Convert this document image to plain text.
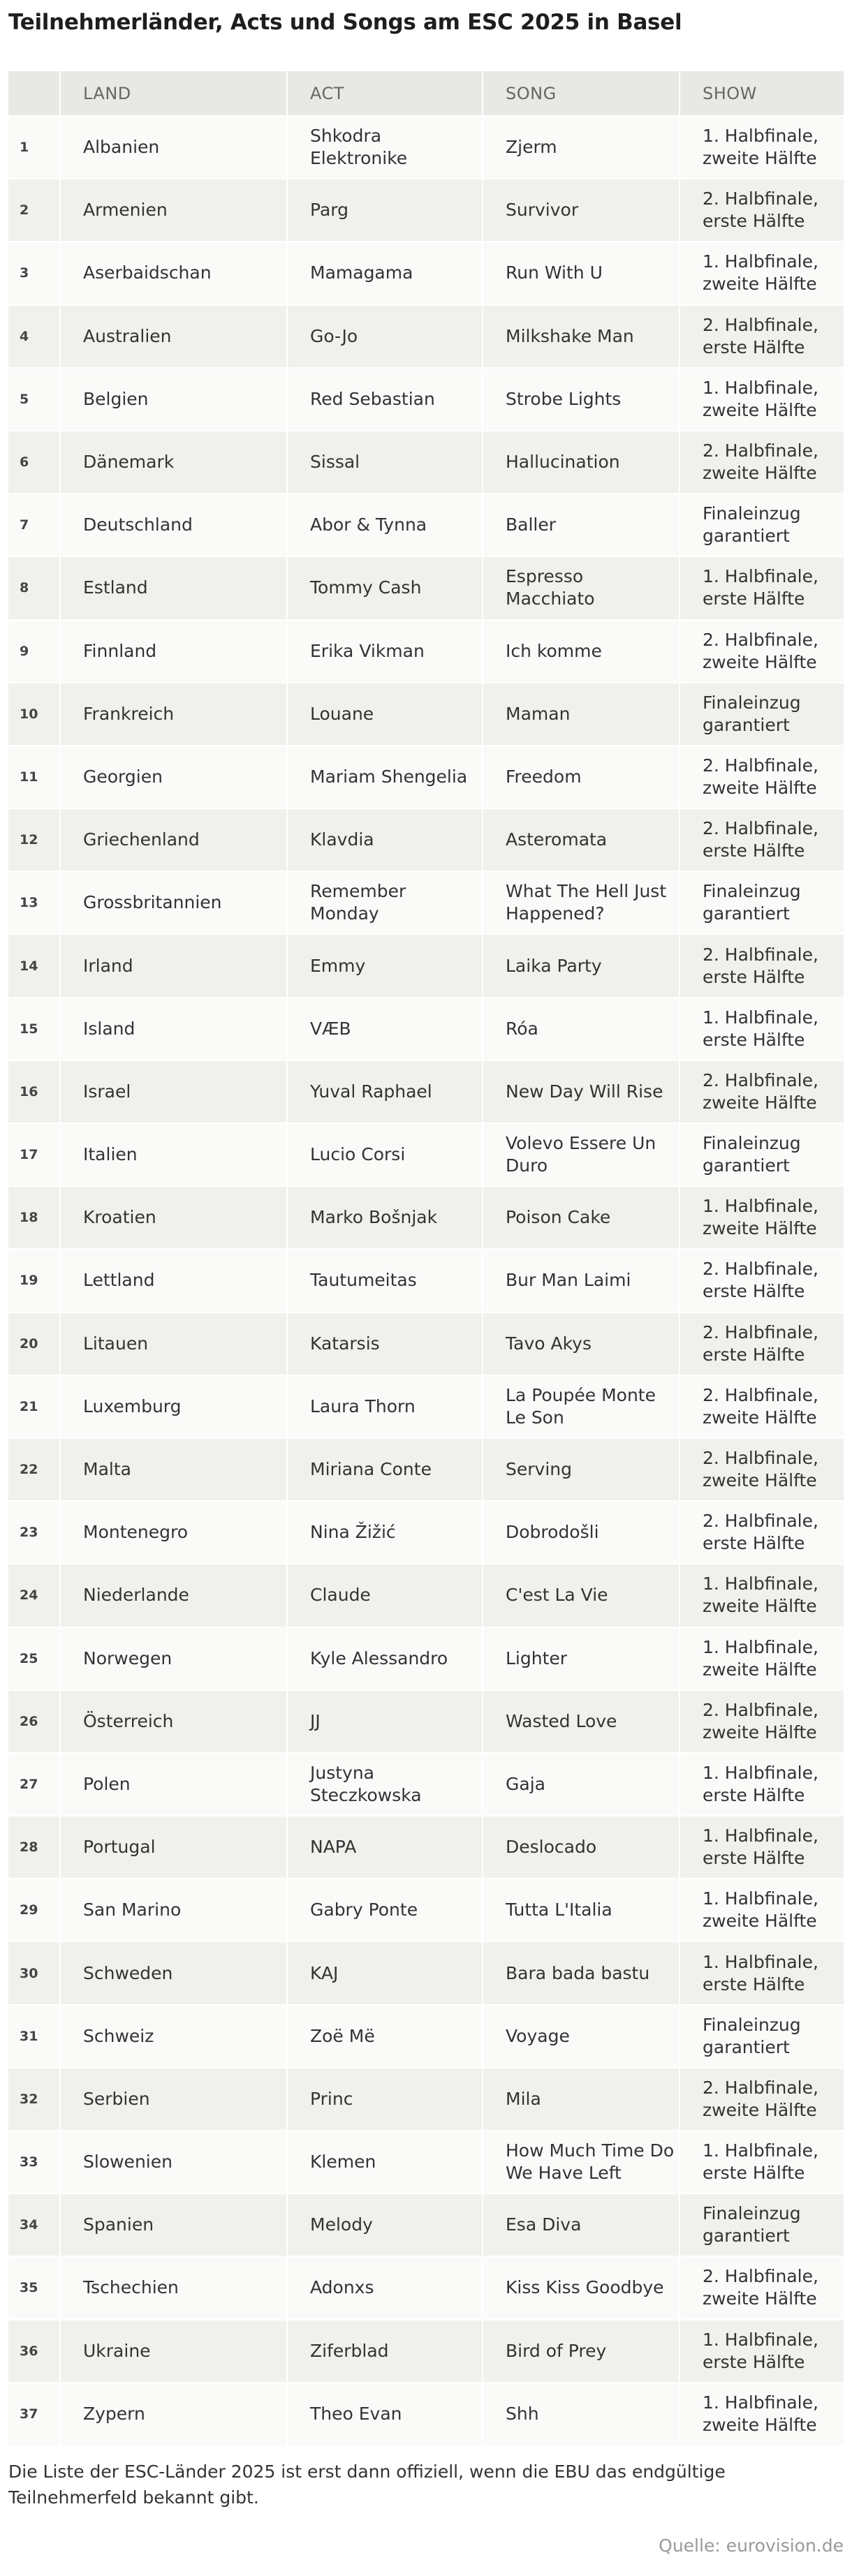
Teilnehmerländer, Acts und Songs am ESC 2025 in Basel
	LAND	ACT	SONG	SHOW
1	Albanien	Shkodra Elektronike	Zjerm	1. Halbfinale, zweite Hälfte
2	Armenien	Parg	Survivor	2. Halbfinale, erste Hälfte
3	Aserbaidschan	Mamagama	Run With U	1. Halbfinale, zweite Hälfte
4	Australien	Go-Jo	Milkshake Man	2. Halbfinale, erste Hälfte
5	Belgien	Red Sebastian	Strobe Lights	1. Halbfinale, zweite Hälfte
6	Dänemark	Sissal	Hallucination	2. Halbfinale, zweite Hälfte
7	Deutschland	Abor & Tynna	Baller	Finaleinzug garantiert
8	Estland	Tommy Cash	Espresso Macchiato	1. Halbfinale, erste Hälfte
9	Finnland	Erika Vikman	Ich komme	2. Halbfinale, zweite Hälfte
10	Frankreich	Louane	Maman	Finaleinzug garantiert
11	Georgien	Mariam Shengelia	Freedom	2. Halbfinale, zweite Hälfte
12	Griechenland	Klavdia	Asteromata	2. Halbfinale, erste Hälfte
13	Grossbritannien	Remember Monday	What The Hell Just Happened?	Finaleinzug garantiert
14	Irland	Emmy	Laika Party	2. Halbfinale, erste Hälfte
15	Island	VÆB	Róa	1. Halbfinale, erste Hälfte
16	Israel	Yuval Raphael	New Day Will Rise	2. Halbfinale, zweite Hälfte
17	Italien	Lucio Corsi	Volevo Essere Un Duro	Finaleinzug garantiert
18	Kroatien	Marko Bošnjak	Poison Cake	1. Halbfinale, zweite Hälfte
19	Lettland	Tautumeitas	Bur Man Laimi	2. Halbfinale, erste Hälfte
20	Litauen	Katarsis	Tavo Akys	2. Halbfinale, erste Hälfte
21	Luxemburg	Laura Thorn	La Poupée Monte Le Son	2. Halbfinale, zweite Hälfte
22	Malta	Miriana Conte	Serving	2. Halbfinale, zweite Hälfte
23	Montenegro	Nina Žižić	Dobrodošli	2. Halbfinale, erste Hälfte
24	Niederlande	Claude	C'est La Vie	1. Halbfinale, zweite Hälfte
25	Norwegen	Kyle Alessandro	Lighter	1. Halbfinale, zweite Hälfte
26	Österreich	JJ	Wasted Love	2. Halbfinale, zweite Hälfte
27	Polen	Justyna Steczkowska	Gaja	1. Halbfinale, erste Hälfte
28	Portugal	NAPA	Deslocado	1. Halbfinale, erste Hälfte
29	San Marino	Gabry Ponte	Tutta L'Italia	1. Halbfinale, zweite Hälfte
30	Schweden	KAJ	Bara bada bastu	1. Halbfinale, erste Hälfte
31	Schweiz	Zoë Më	Voyage	Finaleinzug garantiert
32	Serbien	Princ	Mila	2. Halbfinale, zweite Hälfte
33	Slowenien	Klemen	How Much Time Do We Have Left	1. Halbfinale, erste Hälfte
34	Spanien	Melody	Esa Diva	Finaleinzug garantiert
35	Tschechien	Adonxs	Kiss Kiss Goodbye	2. Halbfinale, zweite Hälfte
36	Ukraine	Ziferblad	Bird of Prey	1. Halbfinale, erste Hälfte
37	Zypern	Theo Evan	Shh	1. Halbfinale, zweite Hälfte
Die Liste der ESC-Länder 2025 ist erst dann offiziell, wenn die EBU das endgültige Teilnehmerfeld bekannt gibt.
Quelle: eurovision.de
